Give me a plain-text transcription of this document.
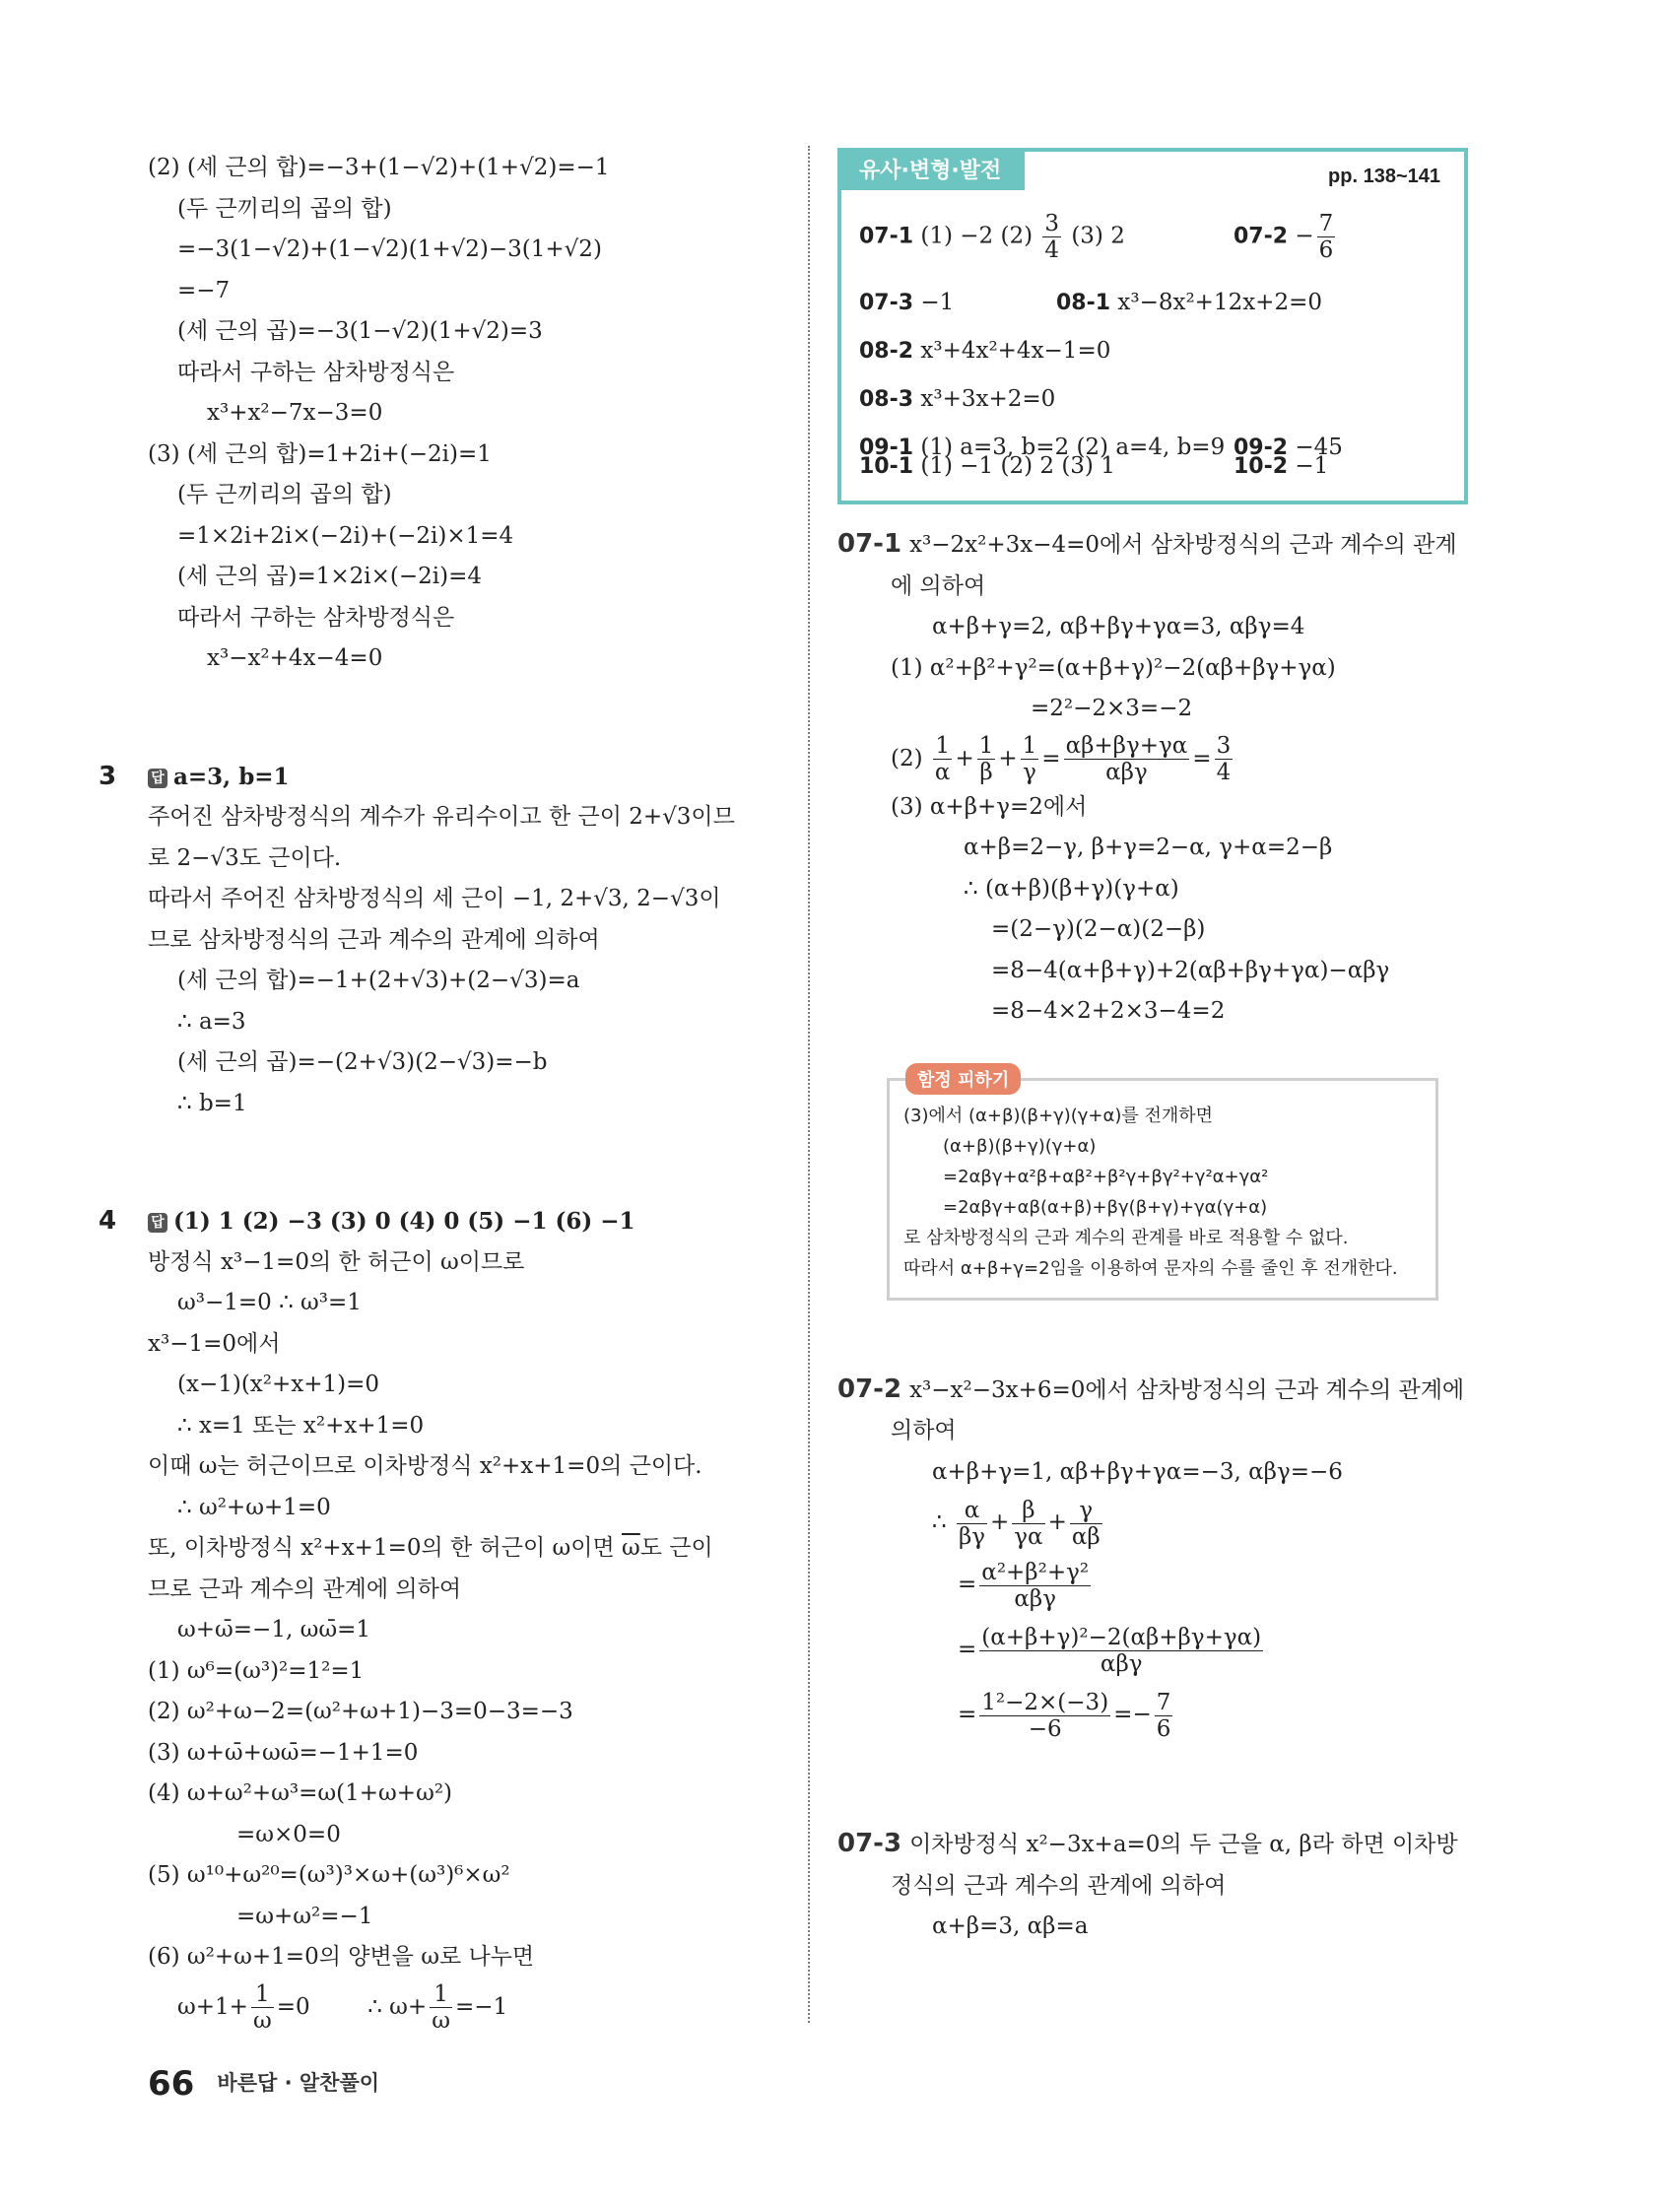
(2) (세 근의 합)=−3+(1−√2)+(1+√2)=−1
(두 근끼리의 곱의 합)
=−3(1−√2)+(1−√2)(1+√2)−3(1+√2)
=−7
(세 근의 곱)=−3(1−√2)(1+√2)=3
따라서 구하는 삼차방정식은
x³+x²−7x−3=0
(3) (세 근의 합)=1+2i+(−2i)=1
(두 근끼리의 곱의 합)
=1×2i+2i×(−2i)+(−2i)×1=4
(세 근의 곱)=1×2i×(−2i)=4
따라서 구하는 삼차방정식은
x³−x²+4x−4=0
3	답 a=3, b=1
주어진 삼차방정식의 계수가 유리수이고 한 근이 2+√3이므
로 2−√3도 근이다.
따라서 주어진 삼차방정식의 세 근이 −1, 2+√3, 2−√3이
므로 삼차방정식의 근과 계수의 관계에 의하여
(세 근의 합)=−1+(2+√3)+(2−√3)=a
∴ a=3
(세 근의 곱)=−(2+√3)(2−√3)=−b
∴ b=1
4	답 (1) 1 (2) −3 (3) 0 (4) 0 (5) −1 (6) −1
방정식 x³−1=0의 한 허근이 ω이므로
ω³−1=0 ∴ ω³=1
x³−1=0에서
(x−1)(x²+x+1)=0
∴ x=1 또는 x²+x+1=0
이때 ω는 허근이므로 이차방정식 x²+x+1=0의 근이다.
∴ ω²+ω+1=0
또, 이차방정식 x²+x+1=0의 한 허근이 ω이면 $\overline{\omega}$도 근이
므로 근과 계수의 관계에 의하여
ω+ω̄=−1, ωω̄=1
(1) ω⁶=(ω³)²=1²=1
(2) ω²+ω−2=(ω²+ω+1)−3=0−3=−3
(3) ω+ω̄+ωω̄=−1+1=0
(4) ω+ω²+ω³=ω(1+ω+ω²)
=ω×0=0
(5) ω¹⁰+ω²⁰=(ω³)³×ω+(ω³)⁶×ω²
=ω+ω²=−1
(6) ω²+ω+1=0의 양변을 ω로 나누면
$\omega+1+ \frac{1}{\omega} =0$	∴ $\omega+ \frac{1}{\omega} =-1$
유사·변형·발전	pp. 138~141
07-1 (1) −2 $(2) \frac{3}{4} (3)$ 2	$07-2 - \frac{7}{6}$
07-3 −1	08-1 x³−8x²+12x+2=0
08-2 x³+4x²+4x−1=0
08-3 x³+3x+2=0
09-1 (1) a=3, b=2 (2) a=4, b=9 09-2 −45
10-1 (1) −1 (2) 2 (3) 1	10-2 −1
07-1 x³−2x²+3x−4=0에서 삼차방정식의 근과 계수의 관계
에 의하여
α+β+γ=2, αβ+βγ+γα=3, αβγ=4
(1) α²+β²+γ²=(α+β+γ)²−2(αβ+βγ+γα)
=2²−2×3=−2
$(2) \frac{1}{\alpha} + \frac{1}{\beta} + \frac{1}{\gamma} = \frac{\alpha\beta+\beta\gamma+\gamma\alpha}{\text{αβγ}} = \frac{3}{4}$
(3) α+β+γ=2에서
α+β=2−γ, β+γ=2−α, γ+α=2−β
∴ (α+β)(β+γ)(γ+α)
=(2−γ)(2−α)(2−β)
=8−4(α+β+γ)+2(αβ+βγ+γα)−αβγ
=8−4×2+2×3−4=2
함정 피하기
(3)에서 (α+β)(β+γ)(γ+α)를 전개하면
(α+β)(β+γ)(γ+α)
=2αβγ+α²β+αβ²+β²γ+βγ²+γ²α+γα²
=2αβγ+αβ(α+β)+βγ(β+γ)+γα(γ+α)
로 삼차방정식의 근과 계수의 관계를 바로 적용할 수 없다.
따라서 α+β+γ=2임을 이용하여 문자의 수를 줄인 후 전개한다.
07-2 x³−x²−3x+6=0에서 삼차방정식의 근과 계수의 관계에
의하여
α+β+γ=1, αβ+βγ+γα=−3, αβγ=−6
∴ $\frac{\alpha}{\beta\gamma} + \frac{\beta}{\gamma\alpha} + \frac{\gamma}{\alpha\beta}$
= $\frac{\text{α²+β²+γ²}}{\text{αβγ}}$
= $\frac{\text{(α+β+γ)²−2(αβ+βγ+γα)}}{\text{αβγ}}$
= $\frac{\text{1²−2×(−3)}}{-6} =- \frac{7}{6}$
07-3 이차방정식 x²−3x+a=0의 두 근을 α, β라 하면 이차방
정식의 근과 계수의 관계에 의하여
α+β=3, αβ=a
66 바른답 · 알찬풀이
